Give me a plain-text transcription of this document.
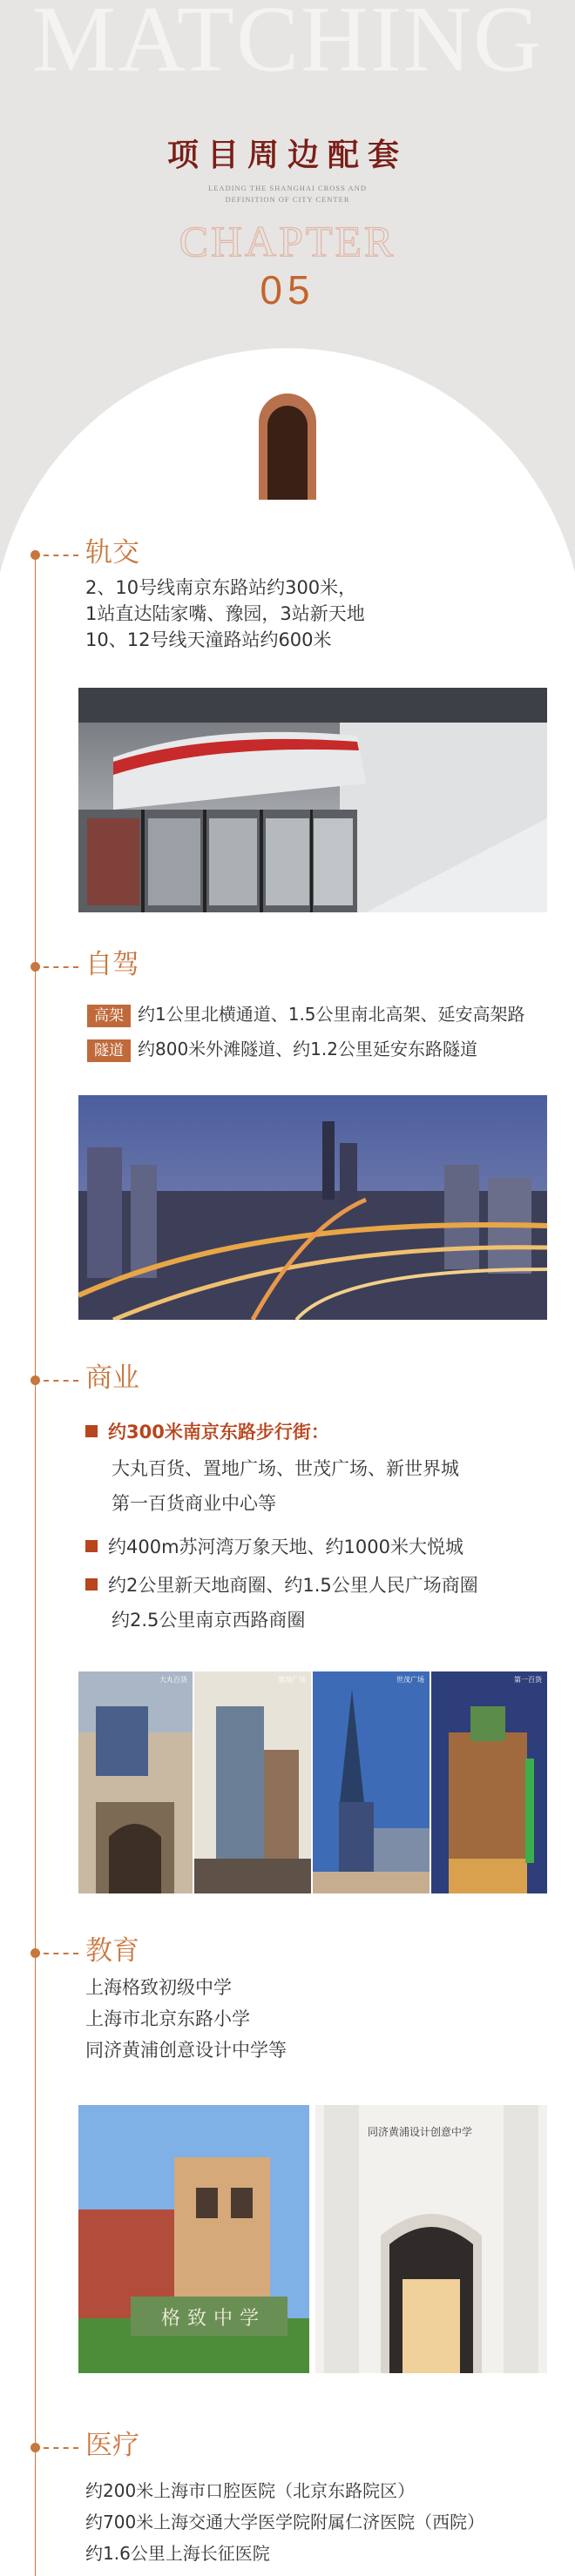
MATCHING
项目周边配套
LEADING THE SHANGHAI CROSS AND
DEFINITION OF CITY CENTER
CHAPTER
05
轨交
2、10号线南京东路站约300米，
1站直达陆家嘴、豫园，3站新天地
10、12号线天潼路站约600米
自驾
高架 约1公里北横通道、1.5公里南北高架、延安高架路
隧道 约800米外滩隧道、约1.2公里延安东路隧道
商业
约300米南京东路步行街：
大丸百货、置地广场、世茂广场、新世界城
第一百货商业中心等
约400m苏河湾万象天地、约1000米大悦城
约2公里新天地商圈、约1.5公里人民广场商圈
约2.5公里南京西路商圈
大丸百货	置地广场	世茂广场	第一百货
教育
上海格致初级中学
上海市北京东路小学
同济黄浦创意设计中学等
格致中学
同济黄浦设计创意中学
医疗
约200米上海市口腔医院（北京东路院区）
约700米上海交通大学医学院附属仁济医院（西院）
约1.6公里上海长征医院
